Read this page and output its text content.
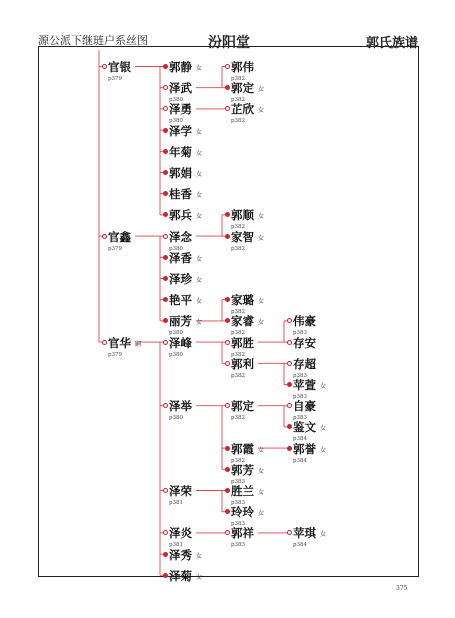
源公派下继琏户系丝图	汾阳堂	郭氏族谱
官银
p379
郭静 女
泽武
p380
郭伟
p382
郭定 女
p382
泽勇
p380
芷欣 女
p382
泽学 女
年菊 女
郭娟 女
桂香 女
郭兵 女
官鑫
p379
泽念
p380
郭顺 女
p382
家智 女
p382
泽香 女
泽珍 女
艳平 女
丽芳 女
p380
家璐 女
p382
家睿 女
p382
官华 嗣
p379
泽峰
p380
郭胜
p382
伟豪
p383
存安
郭利
p382
存超
p383
苹萱 女
p383
泽举
p380
郭定
p382
自豪
p383
鉴文 女
p384
郭霞 女
p382
郭誉 女
p384
郭芳 女
p383
泽荣
p381
胜兰 女
p383
玲玲 女
p383
泽炎
p381
郭祥
p383
苹琪 女
p384
泽秀 女
泽菊 女
375
